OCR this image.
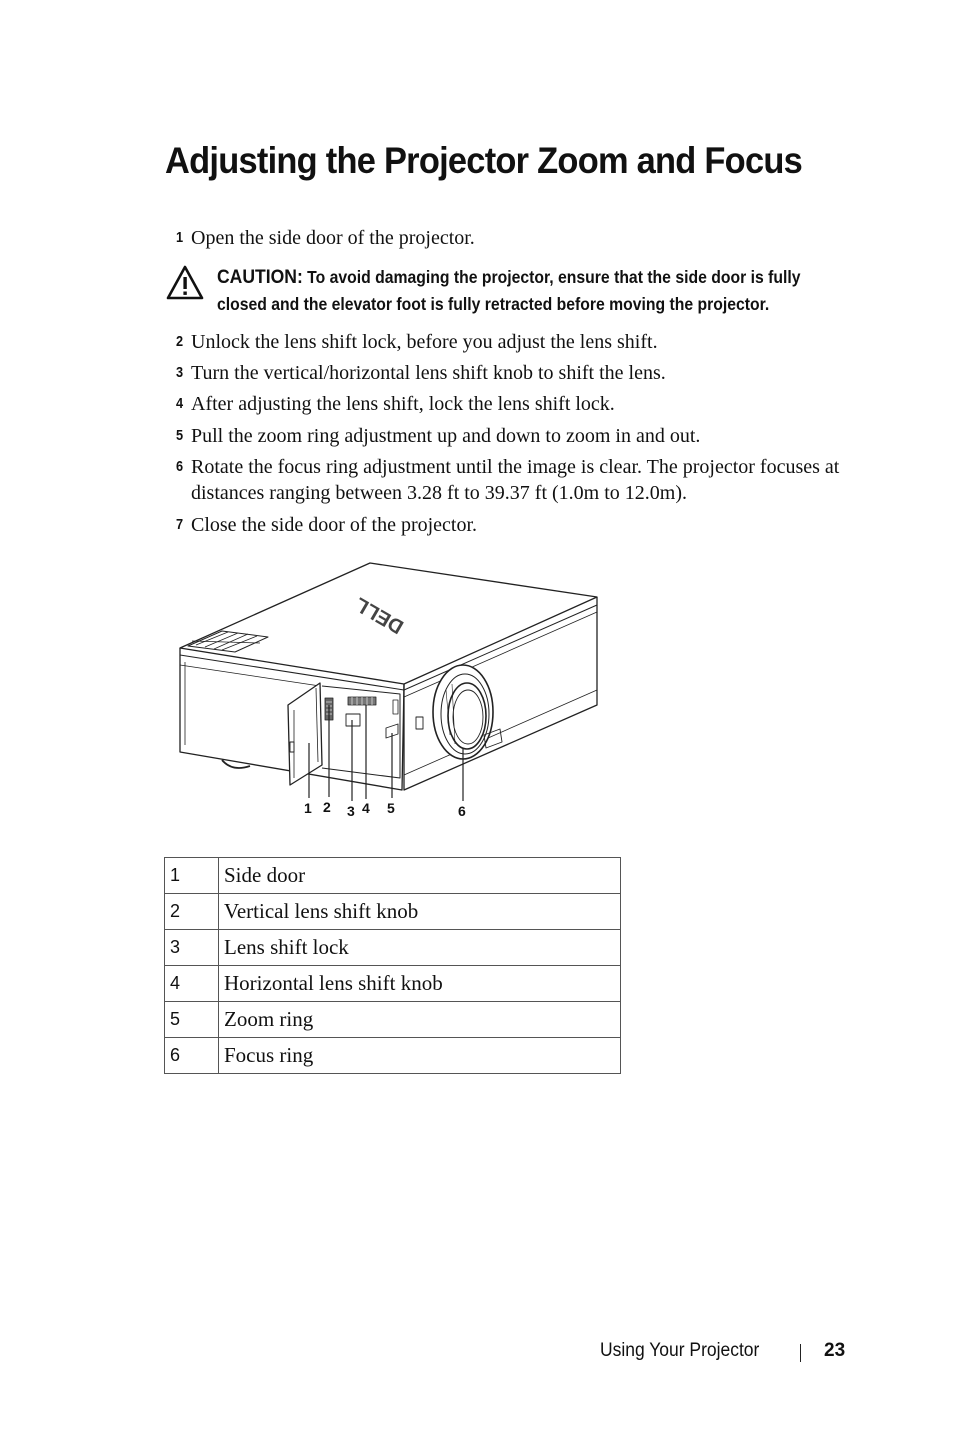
Adjusting the Projector Zoom and Focus
1 Open the side door of the projector.
CAUTION: To avoid damaging the projector, ensure that the side door is fully closed and the elevator foot is fully retracted before moving the projector.
2 Unlock the lens shift lock, before you adjust the lens shift.
3 Turn the vertical/horizontal lens shift knob to shift the lens.
4 After adjusting the lens shift, lock the lens shift lock.
5 Pull the zoom ring adjustment up and down to zoom in and out.
6 Rotate the focus ring adjustment until the image is clear. The projector focuses at distances ranging between 3.28 ft to 39.37 ft (1.0m to 12.0m).
7 Close the side door of the projector.
DELL
1 2 3 4 5	6
1	Side door
2	Vertical lens shift knob
3	Lens shift lock
4	Horizontal lens shift knob
5	Zoom ring
6	Focus ring
Using Your Projector	23
